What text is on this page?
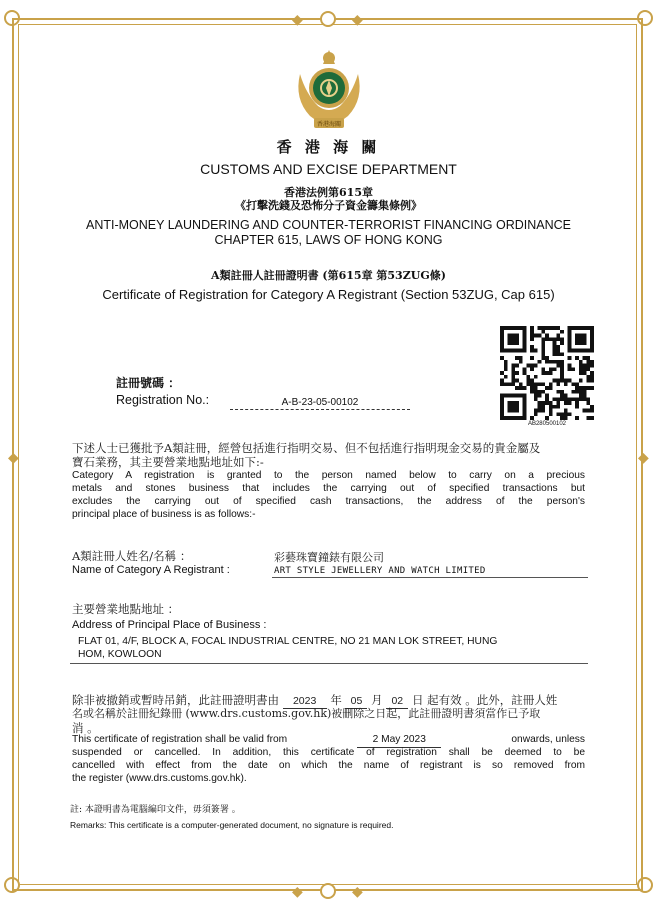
◆	◆
◆	◆
◆	◆
香港海關
香 港 海 關
CUSTOMS AND EXCISE DEPARTMENT
香港法例第615章
《打擊洗錢及恐怖分子資金籌集條例》
ANTI-MONEY LAUNDERING AND COUNTER-TERRORIST FINANCING ORDINANCE
CHAPTER 615, LAWS OF HONG KONG
A類註冊人註冊證明書 (第615章 第53ZUG條)
Certificate of Registration for Category A Registrant (Section 53ZUG, Cap 615)
AB280500102
註冊號碼 ：
Registration No.:	A-B-23-05-00102
下述人士已獲批予A類註冊，經營包括進行指明交易、但不包括進行指明現金交易的貴金屬及
寶石業務，其主要營業地點地址如下:-
Category A registration is granted to the person named below to carry on a precious
metals and stones business that includes the carrying out of specified transactions but
excludes the carrying out of specified cash transactions, the address of the person's
principal place of business is as follows:-
A類註冊人姓名/名稱 ：
Name of Category A Registrant :
彩藝珠寶鐘錶有限公司
ART STYLE JEWELLERY AND WATCH LIMITED
主要營業地點地址 ：
Address of Principal Place of Business :
FLAT 01, 4/F, BLOCK A, FOCAL INDUSTRIAL CENTRE, NO 21 MAN LOK STREET, HUNG
HOM, KOWLOON
除非被撤銷或暫時吊銷，此註冊證明書由 2023 年 05 月 02 日 起有效 。此外，註冊人姓
名或名稱於註冊紀錄冊 (www.drs.customs.gov.hk)被刪除之日起，此註冊證明書須當作已予取
消 。
This certificate of registration shall be valid from	2 May 2023	onwards, unless
suspended or cancelled. In addition, this certificate of registration shall be deemed to be
cancelled with effect from the date on which the name of registrant is so removed from
the register (www.drs.customs.gov.hk).
註: 本證明書為電腦編印文件，毋須簽署 。
Remarks: This certificate is a computer-generated document, no signature is required.
